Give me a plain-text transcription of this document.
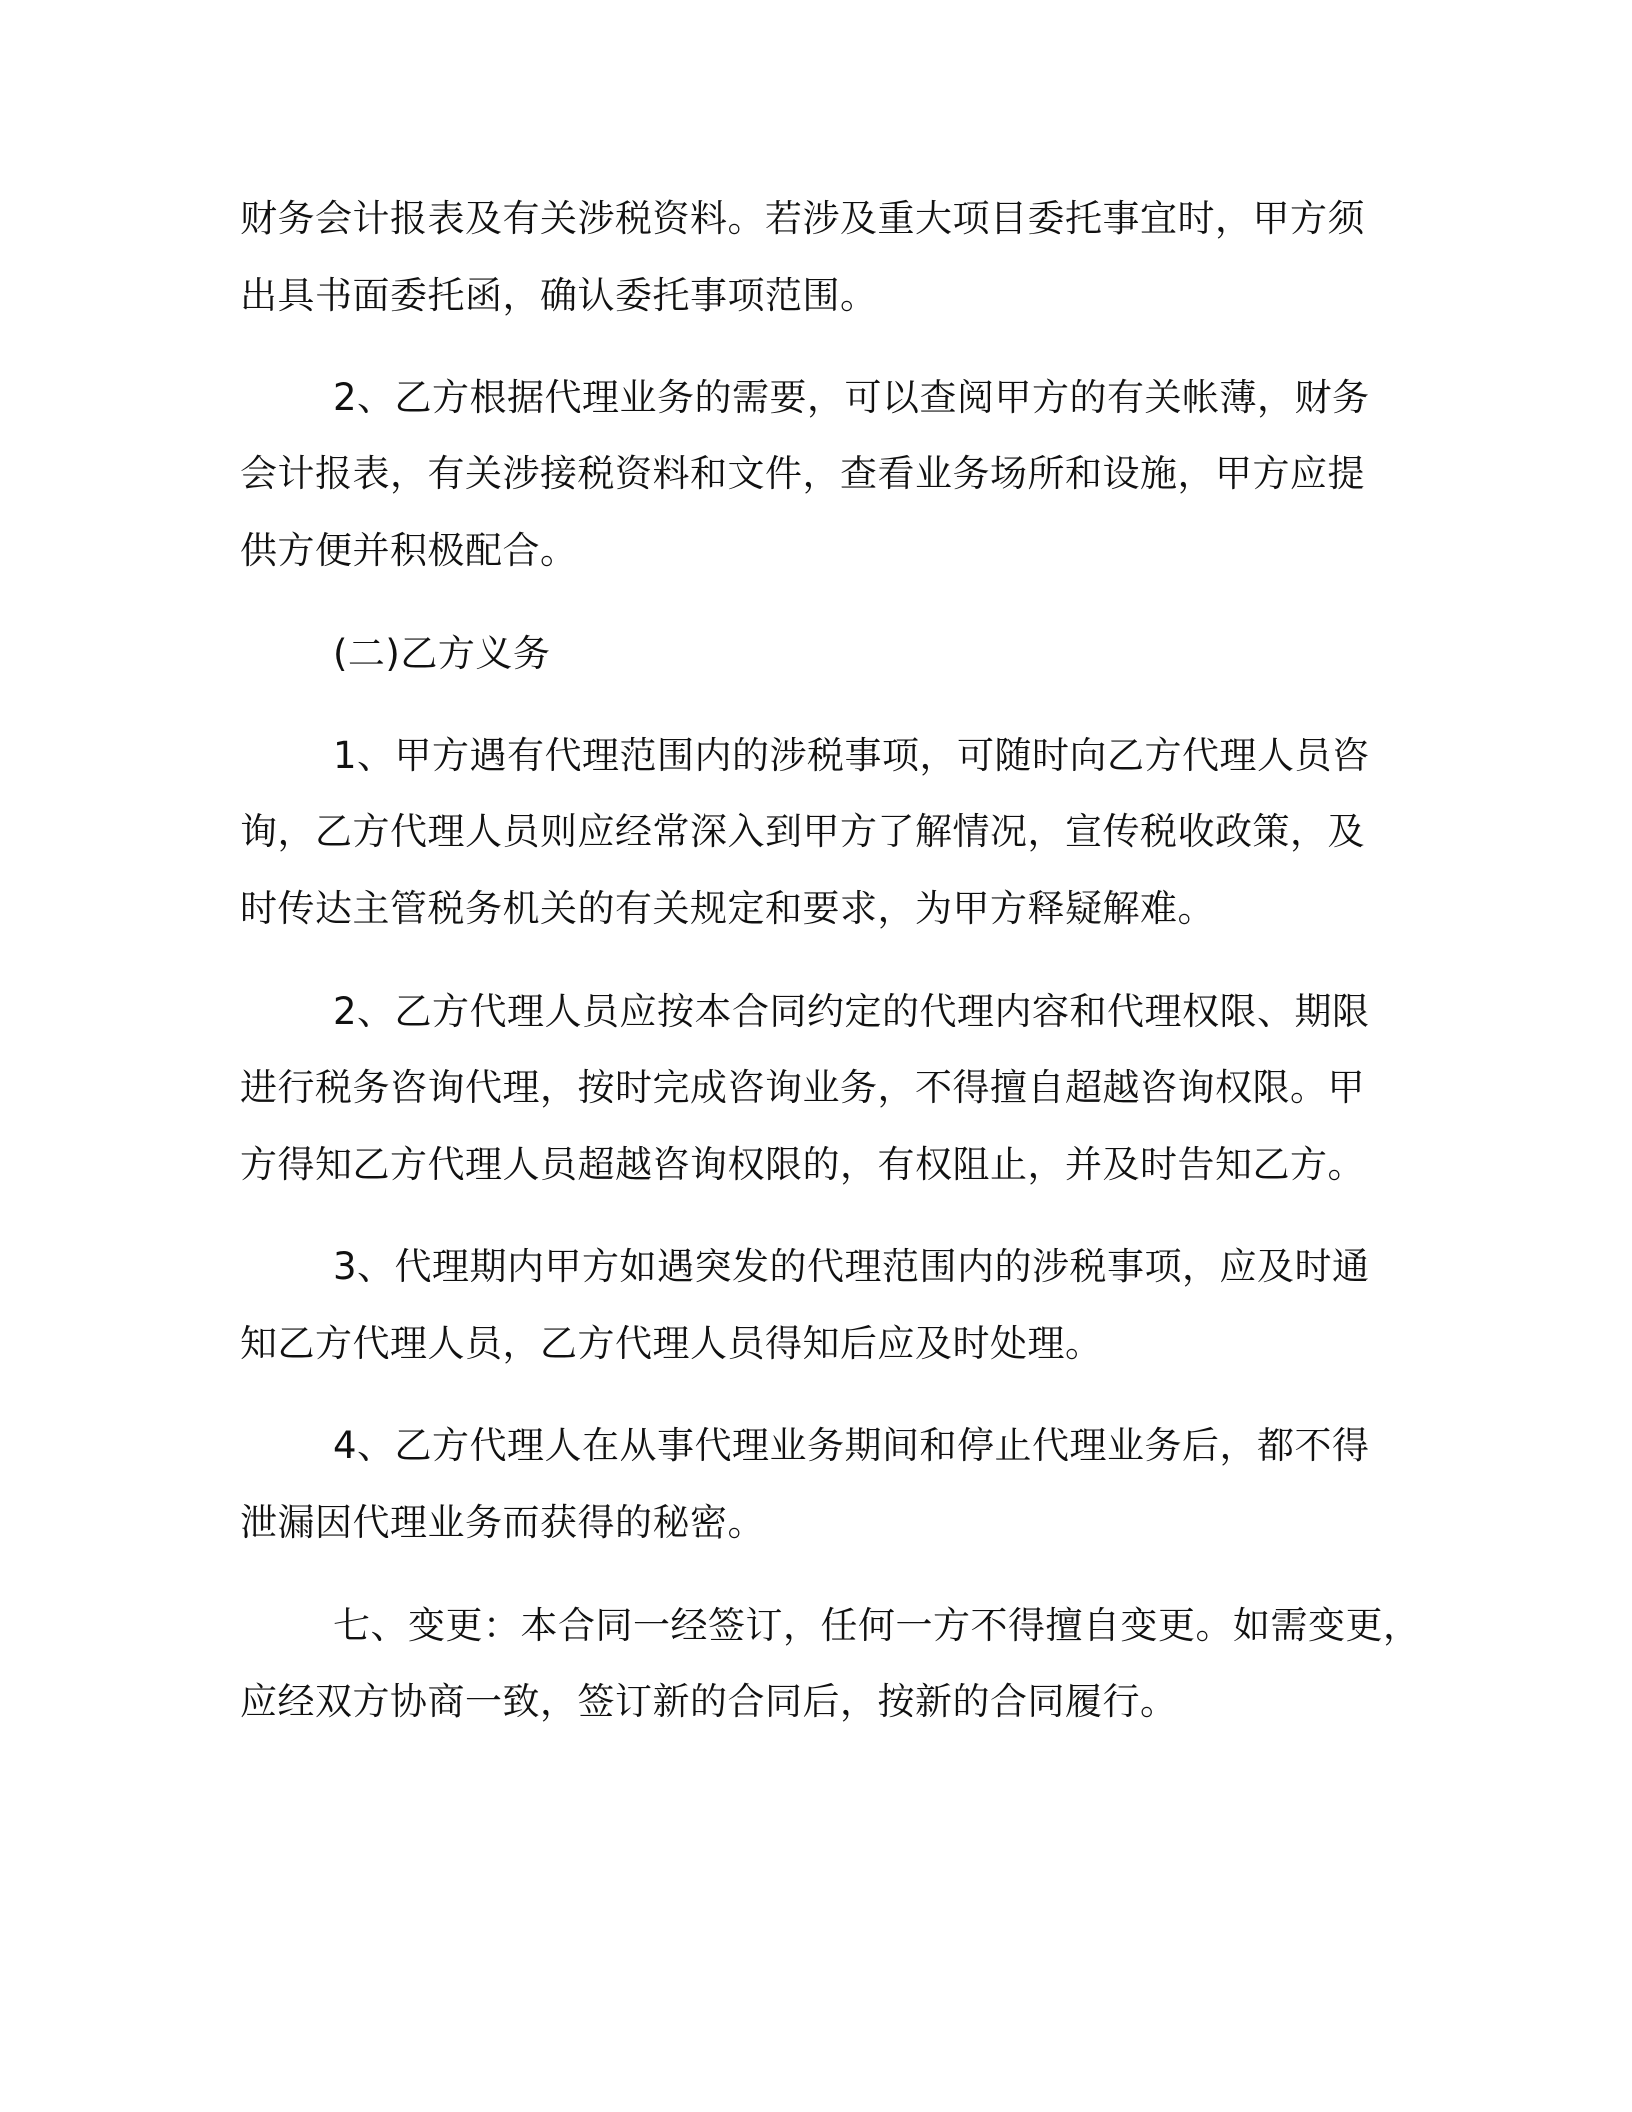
财务会计报表及有关涉税资料。若涉及重大项目委托事宜时，甲方须

出具书面委托函，确认委托事项范围。

2、乙方根据代理业务的需要，可以查阅甲方的有关帐薄，财务

会计报表，有关涉接税资料和文件，查看业务场所和设施，甲方应提

供方便并积极配合。

(二)乙方义务

1、甲方遇有代理范围内的涉税事项，可随时向乙方代理人员咨

询，乙方代理人员则应经常深入到甲方了解情况，宣传税收政策，及

时传达主管税务机关的有关规定和要求，为甲方释疑解难。

2、乙方代理人员应按本合同约定的代理内容和代理权限、期限

进行税务咨询代理，按时完成咨询业务，不得擅自超越咨询权限。甲

方得知乙方代理人员超越咨询权限的，有权阻止，并及时告知乙方。

3、代理期内甲方如遇突发的代理范围内的涉税事项，应及时通

知乙方代理人员，乙方代理人员得知后应及时处理。

4、乙方代理人在从事代理业务期间和停止代理业务后，都不得

泄漏因代理业务而获得的秘密。

七、变更：本合同一经签订，任何一方不得擅自变更。如需变更，

应经双方协商一致，签订新的合同后，按新的合同履行。
